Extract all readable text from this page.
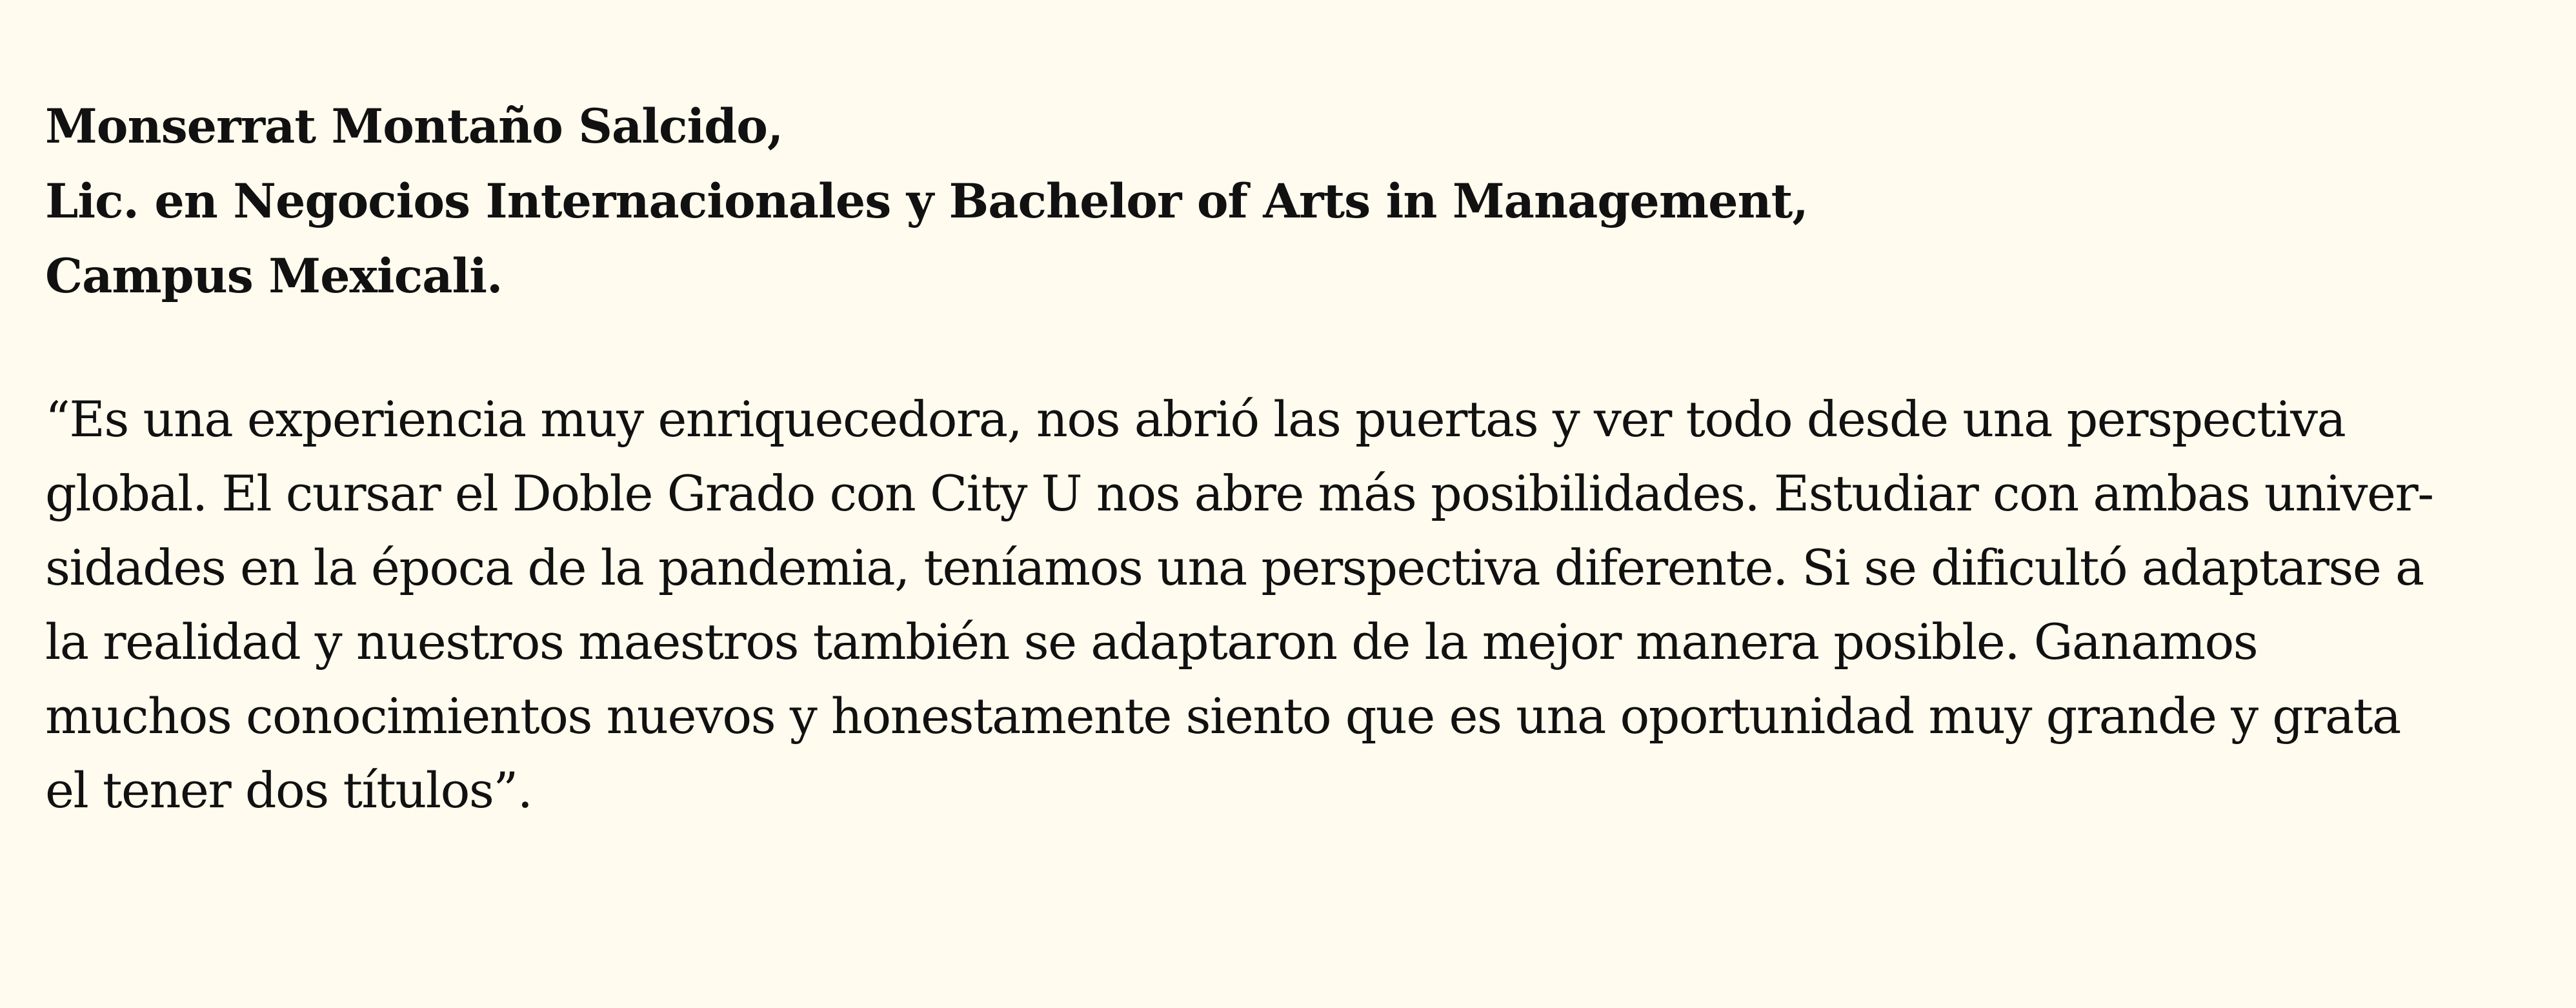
Monserrat Montaño Salcido,
Lic. en Negocios Internacionales y Bachelor of Arts in Management,
Campus Mexicali.

“Es una experiencia muy enriquecedora, nos abrió las puertas y ver todo desde una perspectiva
global. El cursar el Doble Grado con City U nos abre más posibilidades. Estudiar con ambas univer-
sidades en la época de la pandemia, teníamos una perspectiva diferente. Si se dificultó adaptarse a
la realidad y nuestros maestros también se adaptaron de la mejor manera posible. Ganamos
muchos conocimientos nuevos y honestamente siento que es una oportunidad muy grande y grata
el tener dos títulos”.
